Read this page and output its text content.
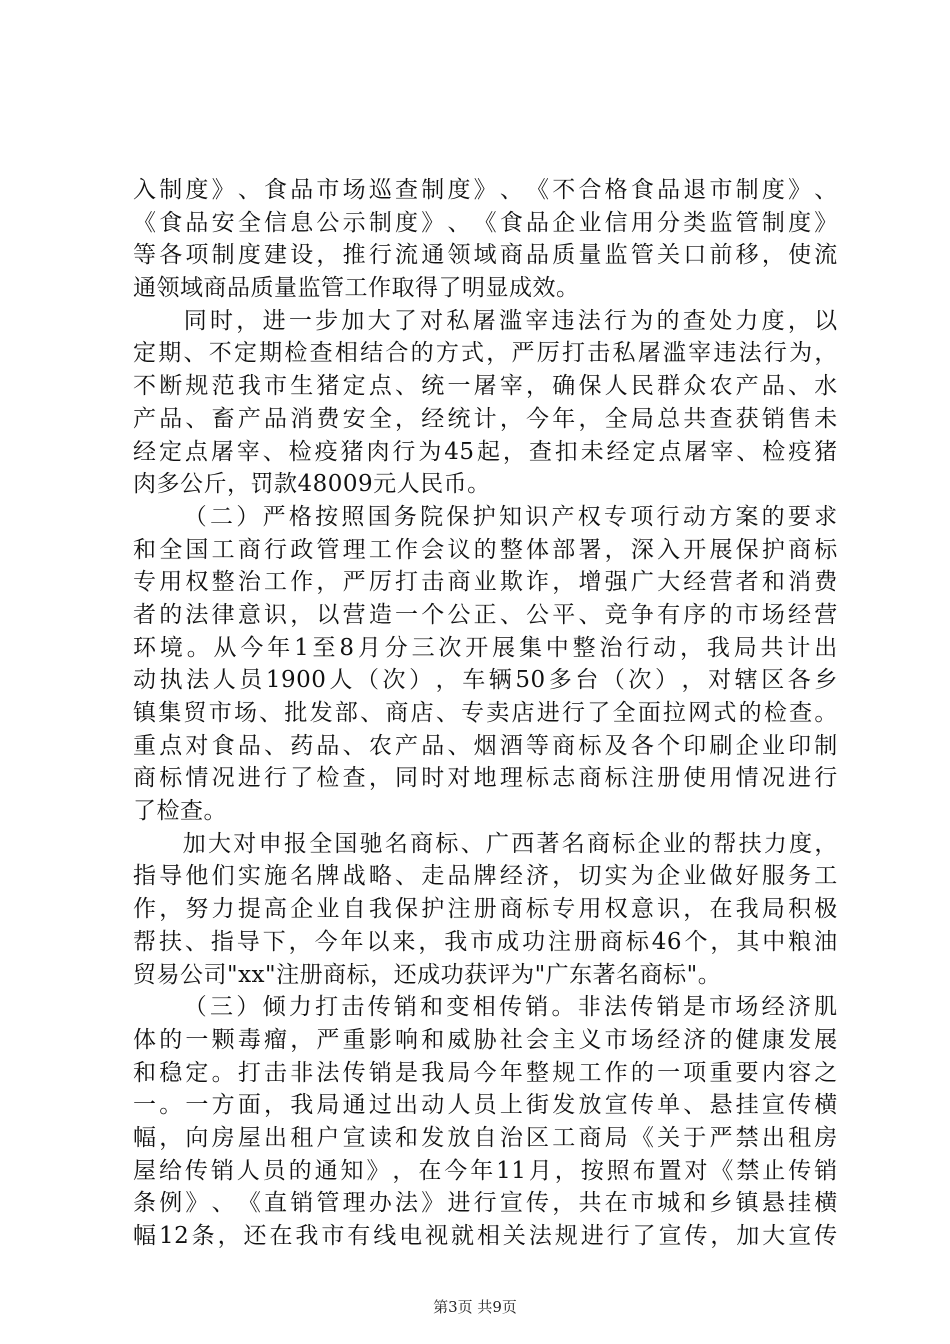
入 制 度 》 、 食 品 市 场 巡 查 制 度 》 、 《 不 合 格 食 品 退 市 制 度 》 、
《 食 品 安 全 信 息 公 示 制 度 》 、 《 食 品 企 业 信 用 分 类 监 管 制 度 》
等 各 项 制 度 建 设 ， 推 行 流 通 领 域 商 品 质 量 监 管 关 口 前 移 ， 使 流
通领域商品质量监管工作取得了明显成效。
同 时 ， 进 一 步 加 大 了 对 私 屠 滥 宰 违 法 行 为 的 查 处 力 度 ， 以
定 期 、 不 定 期 检 查 相 结 合 的 方 式 ， 严 厉 打 击 私 屠 滥 宰 违 法 行 为 ，
不 断 规 范 我 市 生 猪 定 点 、 统 一 屠 宰 ， 确 保 人 民 群 众 农 产 品 、 水
产 品 、 畜 产 品 消 费 安 全 ， 经 统 计 ， 今 年 ， 全 局 总 共 查 获 销 售 未
经 定 点 屠 宰 、 检 疫 猪 肉 行 为 45 起 ， 查 扣 未 经 定 点 屠 宰 、 检 疫 猪
肉多公斤，罚款48009元人民币。
（ 二 ） 严 格 按 照 国 务 院 保 护 知 识 产 权 专 项 行 动 方 案 的 要 求
和 全 国 工 商 行 政 管 理 工 作 会 议 的 整 体 部 署 ， 深 入 开 展 保 护 商 标
专 用 权 整 治 工 作 ， 严 厉 打 击 商 业 欺 诈 ， 增 强 广 大 经 营 者 和 消 费
者 的 法 律 意 识 ， 以 营 造 一 个 公 正 、 公 平 、 竞 争 有 序 的 市 场 经 营
环 境 。 从 今 年 1 至 8 月 分 三 次 开 展 集 中 整 治 行 动 ， 我 局 共 计 出
动 执 法 人 员 1900 人 （ 次 ） ， 车 辆 50 多 台 （ 次 ） ， 对 辖 区 各 乡
镇 集 贸 市 场 、 批 发 部 、 商 店 、 专 卖 店 进 行 了 全 面 拉 网 式 的 检 查 。
重 点 对 食 品 、 药 品 、 农 产 品 、 烟 酒 等 商 标 及 各 个 印 刷 企 业 印 制
商 标 情 况 进 行 了 检 查 ， 同 时 对 地 理 标 志 商 标 注 册 使 用 情 况 进 行
了检查。
加 大 对 申 报 全 国 驰 名 商 标 、 广 西 著 名 商 标 企 业 的 帮 扶 力 度 ，
指 导 他 们 实 施 名 牌 战 略 、 走 品 牌 经 济 ， 切 实 为 企 业 做 好 服 务 工
作 ， 努 力 提 高 企 业 自 我 保 护 注 册 商 标 专 用 权 意 识 ， 在 我 局 积 极
帮 扶 、 指 导 下 ， 今 年 以 来 ， 我 市 成 功 注 册 商 标 46 个 ， 其 中 粮 油
贸易公司"xx"注册商标，还成功获评为"广东著名商标"。
（ 三 ） 倾 力 打 击 传 销 和 变 相 传 销 。 非 法 传 销 是 市 场 经 济 肌
体 的 一 颗 毒 瘤 ， 严 重 影 响 和 威 胁 社 会 主 义 市 场 经 济 的 健 康 发 展
和 稳 定 。 打 击 非 法 传 销 是 我 局 今 年 整 规 工 作 的 一 项 重 要 内 容 之
一 。 一 方 面 ， 我 局 通 过 出 动 人 员 上 街 发 放 宣 传 单 、 悬 挂 宣 传 横
幅 ， 向 房 屋 出 租 户 宣 读 和 发 放 自 治 区 工 商 局 《 关 于 严 禁 出 租 房
屋 给 传 销 人 员 的 通 知 》 ， 在 今 年 11 月 ， 按 照 布 置 对 《 禁 止 传 销
条 例 》 、 《 直 销 管 理 办 法 》 进 行 宣 传 ， 共 在 市 城 和 乡 镇 悬 挂 横
幅 12 条 ， 还 在 我 市 有 线 电 视 就 相 关 法 规 进 行 了 宣 传 ， 加 大 宣 传
第3页 共9页
